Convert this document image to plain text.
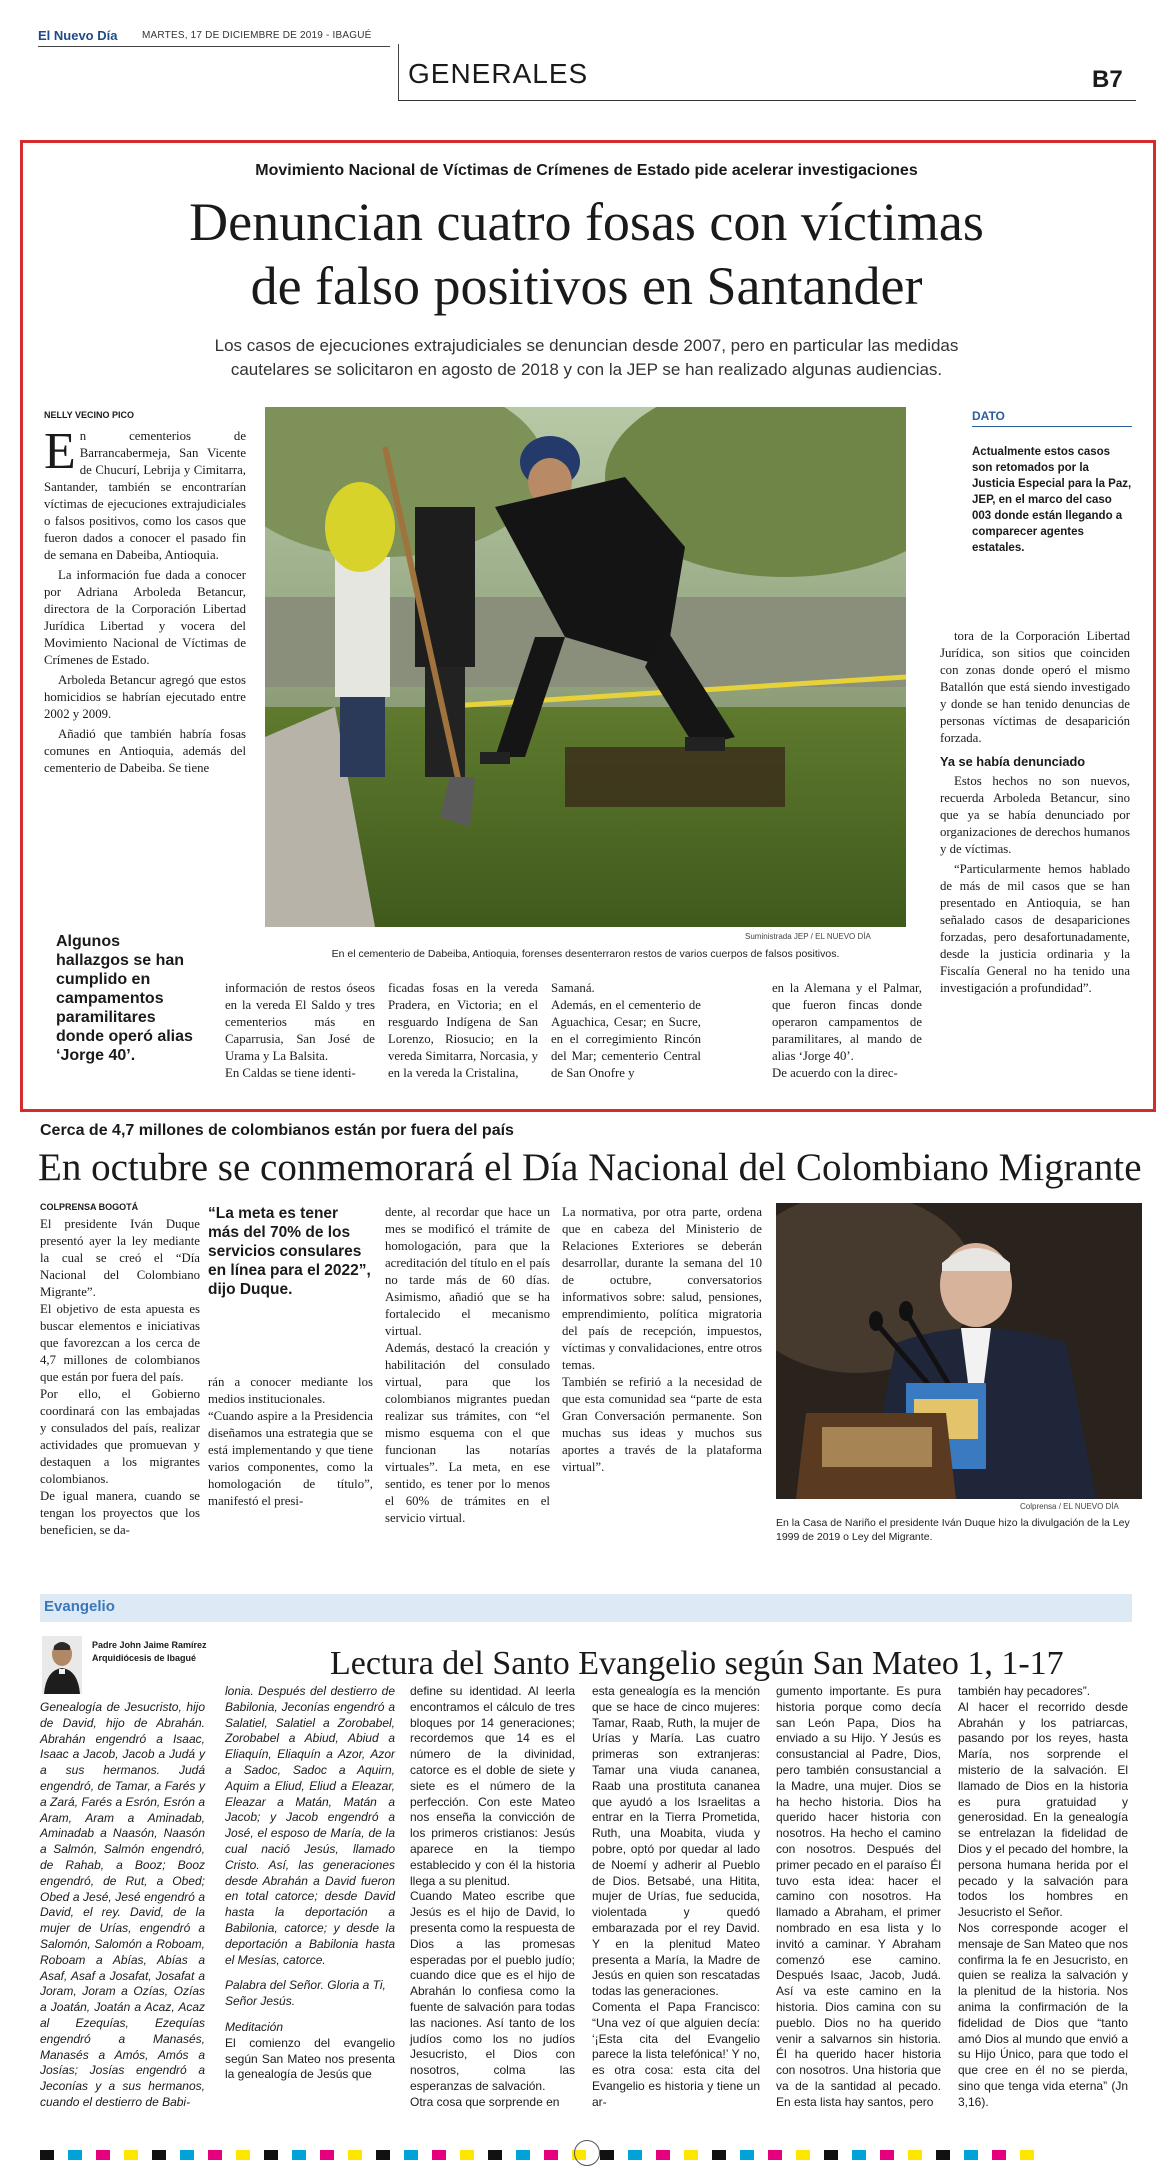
El Nuevo Día MARTES, 17 DE DICIEMBRE DE 2019 - IBAGUÉ
GENERALES	B7
Movimiento Nacional de Víctimas de Crímenes de Estado pide acelerar investigaciones
Denuncian cuatro fosas con víctimas
de falso positivos en Santander
Los casos de ejecuciones extrajudiciales se denuncian desde 2007, pero en particular las medidas
cautelares se solicitaron en agosto de 2018 y con la JEP se han realizado algunas audiencias.
NELLY VECINO PICO

En cementerios de Barrancabermeja, San Vicente de Chucurí, Lebrija y Cimitarra, Santander, también se encontrarían víctimas de ejecuciones extrajudiciales o falsos positivos, como los casos que fueron dados a conocer el pasado fin de semana en Dabeiba, Antioquia.

La información fue dada a conocer por Adriana Arboleda Betancur, directora de la Corporación Libertad Jurídica Libertad y vocera del Movimiento Nacional de Víctimas de Crímenes de Estado.

Arboleda Betancur agregó que estos homicidios se habrían ejecutado entre 2002 y 2009.

Añadió que también habría fosas comunes en Antioquia, además del cementerio de Dabeiba. Se tiene

Suministrada JEP / EL NUEVO DÍA
En el cementerio de Dabeiba, Antioquia, forenses desenterraron restos de varios cuerpos de falsos positivos.
DATO
Actualmente estos casos son retomados por la Justicia Especial para la Paz, JEP, en el marco del caso 003 donde están llegando a comparecer agentes estatales.

tora de la Corporación Libertad Jurídica, son sitios que coinciden con zonas donde operó el mismo Batallón que está siendo investigado y donde se han tenido denuncias de personas víctimas de desaparición forzada.

Ya se había denunciado

Estos hechos no son nuevos, recuerda Arboleda Betancur, sino que ya se había denunciado por organizaciones de derechos humanos y de víctimas.

“Particularmente hemos hablado de más de mil casos que se han presentado en Antioquia, se han señalado casos de desapariciones forzadas, pero desafortunadamente, desde la justicia ordinaria y la Fiscalía General no ha tenido una investigación a profundidad”.

Algunos hallazgos se han cumplido en campamentos paramilitares donde operó alias ‘Jorge 40’.
información de restos óseos en la vereda El Saldo y tres cementerios más en Caparrusia, San José de Urama y La Balsita.
En Caldas se tiene identi-
ficadas fosas en la vereda Pradera, en Victoria; en el resguardo Indígena de San Lorenzo, Riosucio; en la vereda Simitarra, Norcasia, y en la vereda la Cristalina,
Samaná.
Además, en el cementerio de Aguachica, Cesar; en Sucre, en el corregimiento Rincón del Mar; cementerio Central de San Onofre y
en la Alemana y el Palmar, que fueron fincas donde operaron campamentos de paramilitares, al mando de alias ‘Jorge 40’.
De acuerdo con la direc-
Cerca de 4,7 millones de colombianos están por fuera del país
En octubre se conmemorará el Día Nacional del Colombiano Migrante
COLPRENSA BOGOTÁ
El presidente Iván Duque presentó ayer la ley mediante la cual se creó el “Día Nacional del Colombiano Migrante”.
El objetivo de esta apuesta es buscar elementos e iniciativas que favorezcan a los cerca de 4,7 millones de colombianos que están por fuera del país.
Por ello, el Gobierno coordinará con las embajadas y consulados del país, realizar actividades que promuevan y destaquen a los migrantes colombianos.
De igual manera, cuando se tengan los proyectos que los beneficien, se da-
“La meta es tener más del 70% de los servicios consulares en línea para el 2022”, dijo Duque.
rán a conocer mediante los medios institucionales.
“Cuando aspire a la Presidencia diseñamos una estrategia que se está implementando y que tiene varios componentes, como la homologación de título”, manifestó el presi-
dente, al recordar que hace un mes se modificó el trámite de homologación, para que la acreditación del título en el país no tarde más de 60 días. Asimismo, añadió que se ha fortalecido el mecanismo virtual.
Además, destacó la creación y habilitación del consulado virtual, para que los colombianos migrantes puedan realizar sus trámites, con “el mismo esquema con el que funcionan las notarías virtuales”. La meta, en ese sentido, es tener por lo menos el 60% de trámites en el servicio virtual.
La normativa, por otra parte, ordena que en cabeza del Ministerio de Relaciones Exteriores se deberán desarrollar, durante la semana del 10 de octubre, conversatorios informativos sobre: salud, pensiones, emprendimiento, política migratoria del país de recepción, impuestos, víctimas y convalidaciones, entre otros temas.
También se refirió a la necesidad de que esta comunidad sea “parte de esta Gran Conversación permanente. Son muchas sus ideas y muchos sus aportes a través de la plataforma virtual”.
Colprensa / EL NUEVO DÍA
En la Casa de Nariño el presidente Iván Duque hizo la divulgación de la Ley 1999 de 2019 o Ley del Migrante.
Evangelio
Padre John Jaime Ramírez
Arquidiócesis de Ibagué	Lectura del Santo Evangelio según San Mateo 1, 1-17
Genealogía de Jesucristo, hijo de David, hijo de Abrahán. Abrahán engendró a Isaac, Isaac a Jacob, Jacob a Judá y a sus hermanos. Judá engendró, de Tamar, a Farés y a Zará, Farés a Esrón, Esrón a Aram, Aram a Aminadab, Aminadab a Naasón, Naasón a Salmón, Salmón engendró, de Rahab, a Booz; Booz engendró, de Rut, a Obed; Obed a Jesé, Jesé engendró a David, el rey. David, de la mujer de Urías, engendró a Salomón, Salomón a Roboam, Roboam a Abías, Abías a Asaf, Asaf a Josafat, Josafat a Joram, Joram a Ozías, Ozías a Joatán, Joatán a Acaz, Acaz al Ezequías, Ezequías engendró a Manasés, Manasés a Amós, Amós a Josías; Josías engendró a Jeconías y a sus hermanos, cuando el destierro de Babi-
lonia. Después del destierro de Babilonia, Jeconías engendró a Salatiel, Salatiel a Zorobabel, Zorobabel a Abiud, Abiud a Eliaquín, Eliaquín a Azor, Azor a Sadoc, Sadoc a Aquirn, Aquim a Eliud, Eliud a Eleazar, Eleazar a Matán, Matán a Jacob; y Jacob engendró a José, el esposo de María, de la cual nació Jesús, llamado Cristo. Así, las generaciones desde Abrahán a David fueron en total catorce; desde David hasta la deportación a Babilonia, catorce; y desde la deportación a Babilonia hasta el Mesías, catorce.
Palabra del Señor. Gloria a Ti, Señor Jesús.
Meditación
El comienzo del evangelio según San Mateo nos presenta la genealogía de Jesús que
define su identidad. Al leerla encontramos el cálculo de tres bloques por 14 generaciones; recordemos que 14 es el número de la divinidad, catorce es el doble de siete y siete es el número de la perfección. Con este Mateo nos enseña la convicción de los primeros cristianos: Jesús aparece en la tiempo establecido y con él la historia llega a su plenitud.
Cuando Mateo escribe que Jesús es el hijo de David, lo presenta como la respuesta de Dios a las promesas esperadas por el pueblo judío; cuando dice que es el hijo de Abrahán lo confiesa como la fuente de salvación para todas las naciones. Así tanto de los judíos como los no judíos Jesucristo, el Dios con nosotros, colma las esperanzas de salvación.
Otra cosa que sorprende en
esta genealogía es la mención que se hace de cinco mujeres: Tamar, Raab, Ruth, la mujer de Urías y María. Las cuatro primeras son extranjeras: Tamar una viuda cananea, Raab una prostituta cananea que ayudó a los Israelitas a entrar en la Tierra Prometida, Ruth, una Moabita, viuda y pobre, optó por quedar al lado de Noemí y adherir al Pueblo de Dios. Betsabé, una Hitita, mujer de Urías, fue seducida, violentada y quedó embarazada por el rey David. Y en la plenitud Mateo presenta a María, la Madre de Jesús en quien son rescatadas todas las generaciones.
Comenta el Papa Francisco: “Una vez oí que alguien decía: ‘¡Esta cita del Evangelio parece la lista telefónica!’ Y no, es otra cosa: esta cita del Evangelio es historia y tiene un ar-
gumento importante. Es pura historia porque como decía san León Papa, Dios ha enviado a su Hijo. Y Jesús es consustancial al Padre, Dios, pero también consustancial a la Madre, una mujer. Dios se ha hecho historia. Dios ha querido hacer historia con nosotros. Ha hecho el camino con nosotros. Después del primer pecado en el paraíso Él tuvo esta idea: hacer el camino con nosotros. Ha llamado a Abraham, el primer nombrado en esa lista y lo invitó a caminar. Y Abraham comenzó ese camino. Después Isaac, Jacob, Judá. Así va este camino en la historia. Dios camina con su pueblo. Dios no ha querido venir a salvarnos sin historia. Él ha querido hacer historia con nosotros. Una historia que va de la santidad al pecado. En esta lista hay santos, pero
también hay pecadores”.
Al hacer el recorrido desde Abrahán y los patriarcas, pasando por los reyes, hasta María, nos sorprende el misterio de la salvación. El llamado de Dios en la historia es pura gratuidad y generosidad. En la genealogía se entrelazan la fidelidad de Dios y el pecado del hombre, la persona humana herida por el pecado y la salvación para todos los hombres en Jesucristo el Señor.
Nos corresponde acoger el mensaje de San Mateo que nos confirma la fe en Jesucristo, en quien se realiza la salvación y la plenitud de la historia. Nos anima la confirmación de la fidelidad de Dios que “tanto amó Dios al mundo que envió a su Hijo Único, para que todo el que cree en él no se pierda, sino que tenga vida eterna” (Jn 3,16).
